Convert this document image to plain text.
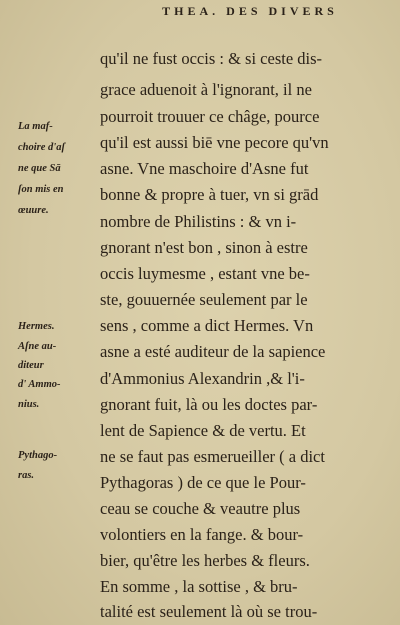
THEA. DES DIVERS
qu'il ne fust occis : & si ceste dis-
grace aduenoit à l'ignorant, il ne
pourroit trouuer ce châge, pource
qu'il est aussi biē vne pecore qu'vn
asne. Vne maschoire d'Asne fut
bonne & propre à tuer, vn si grād
nombre de Philistins : & vn i-
gnorant n'est bon , sinon à estre
occis luymesme , estant vne be-
ste, gouuernée seulement par le
sens , comme a dict Hermes. Vn
asne a esté auditeur de la sapience
d'Ammonius Alexandrin ,& l'i-
gnorant fuit, là ou les doctes par-
lent de Sapience & de vertu. Et
ne se faut pas esmerueiller ( a dict
Pythagoras ) de ce que le Pour-
ceau se couche & veautre plus
volontiers en la fange. & bour-
bier, qu'être les herbes & fleurs.
En somme , la sottise , & bru-
talité est seulement là où se trou-
La maf-
choire d'aſ
ne que Sā
ſon mis en
œuure.
Hermes.
Aſne au-
diteur
d' Ammo-
nius.
Pythago-
ras.
